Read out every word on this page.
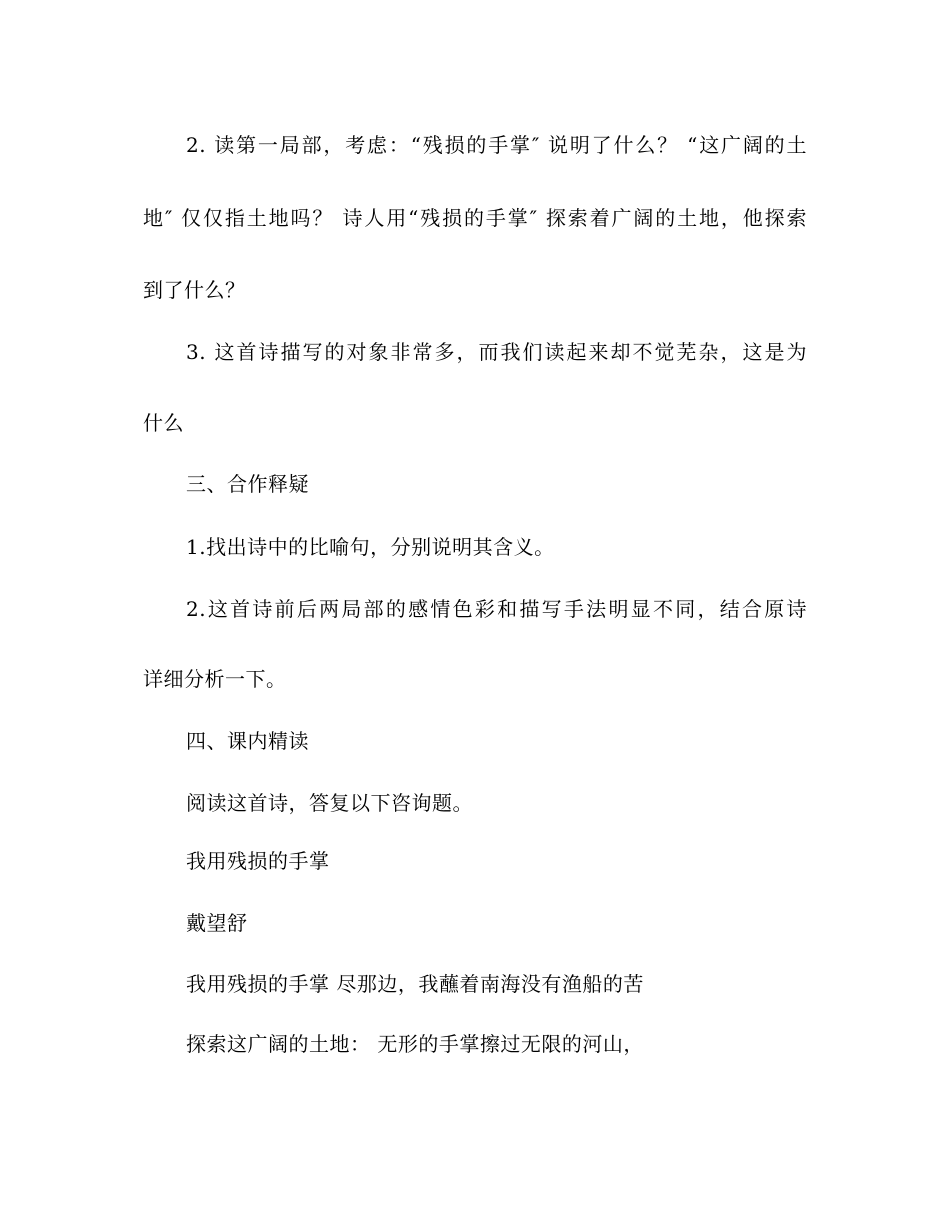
2. 读第一局部，考虑：“残损的手掌″ 说明了什么？ “这广阔的土
地″ 仅仅指土地吗？ 诗人用“残损的手掌″ 探索着广阔的土地，他探索
到了什么？
3. 这首诗描写的对象非常多，而我们读起来却不觉芜杂，这是为
什么
三、合作释疑
1.找出诗中的比喻句，分别说明其含义。
2.这首诗前后两局部的感情色彩和描写手法明显不同，结合原诗
详细分析一下。
四、课内精读
阅读这首诗，答复以下咨询题。
我用残损的手掌
戴望舒
我用残损的手掌 尽那边，我蘸着南海没有渔船的苦
探索这广阔的土地： 无形的手掌擦过无限的河山，
